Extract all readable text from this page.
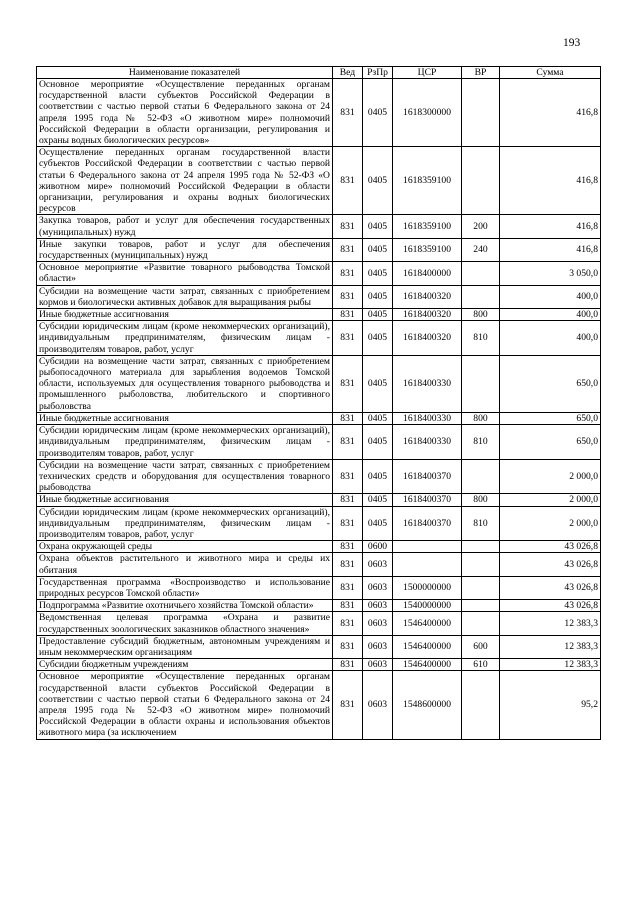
193
Наименование показателей	Вед	РзПр	ЦСР	ВР	Сумма
Основное мероприятие «Осуществление переданных органам государственной власти субъектов Российской Федерации в соответствии с частью первой статьи 6 Федерального закона от 24 апреля 1995 года № 52-ФЗ «О животном мире» полномочий Российской Федерации в области организации, регулирования и охраны водных биологических ресурсов»	831	0405	1618300000		416,8
Осуществление переданных органам государственной власти субъектов Российской Федерации в соответствии с частью первой статьи 6 Федерального закона от 24 апреля 1995 года № 52-ФЗ «О животном мире» полномочий Российской Федерации в области организации, регулирования и охраны водных биологических ресурсов	831	0405	1618359100		416,8
Закупка товаров, работ и услуг для обеспечения государственных (муниципальных) нужд	831	0405	1618359100	200	416,8
Иные закупки товаров, работ и услуг для обеспечения государственных (муниципальных) нужд	831	0405	1618359100	240	416,8
Основное мероприятие «Развитие товарного рыбоводства Томской области»	831	0405	1618400000		3 050,0
Субсидии на возмещение части затрат, связанных с приобретением кормов и биологически активных добавок для выращивания рыбы	831	0405	1618400320		400,0
Иные бюджетные ассигнования	831	0405	1618400320	800	400,0
Субсидии юридическим лицам (кроме некоммерческих организаций), индивидуальным предпринимателям, физическим лицам - производителям товаров, работ, услуг	831	0405	1618400320	810	400,0
Субсидии на возмещение части затрат, связанных с приобретением рыбопосадочного материала для зарыбления водоемов Томской области, используемых для осуществления товарного рыбоводства и промышленного рыболовства, любительского и спортивного рыболовства	831	0405	1618400330		650,0
Иные бюджетные ассигнования	831	0405	1618400330	800	650,0
Субсидии юридическим лицам (кроме некоммерческих организаций), индивидуальным предпринимателям, физическим лицам - производителям товаров, работ, услуг	831	0405	1618400330	810	650,0
Субсидии на возмещение части затрат, связанных с приобретением технических средств и оборудования для осуществления товарного рыбоводства	831	0405	1618400370		2 000,0
Иные бюджетные ассигнования	831	0405	1618400370	800	2 000,0
Субсидии юридическим лицам (кроме некоммерческих организаций), индивидуальным предпринимателям, физическим лицам - производителям товаров, работ, услуг	831	0405	1618400370	810	2 000,0
Охрана окружающей среды	831	0600			43 026,8
Охрана объектов растительного и животного мира и среды их обитания	831	0603			43 026,8
Государственная программа «Воспроизводство и использование природных ресурсов Томской области»	831	0603	1500000000		43 026,8
Подпрограмма «Развитие охотничьего хозяйства Томской области»	831	0603	1540000000		43 026,8
Ведомственная целевая программа «Охрана и развитие государственных зоологических заказников областного значения»	831	0603	1546400000		12 383,3
Предоставление субсидий бюджетным, автономным учреждениям и иным некоммерческим организациям	831	0603	1546400000	600	12 383,3
Субсидии бюджетным учреждениям	831	0603	1546400000	610	12 383,3
Основное мероприятие «Осуществление переданных органам государственной власти субъектов Российской Федерации в соответствии с частью первой статьи 6 Федерального закона от 24 апреля 1995 года № 52-ФЗ «О животном мире» полномочий Российской Федерации в области охраны и использования объектов животного мира (за исключением	831	0603	1548600000		95,2
